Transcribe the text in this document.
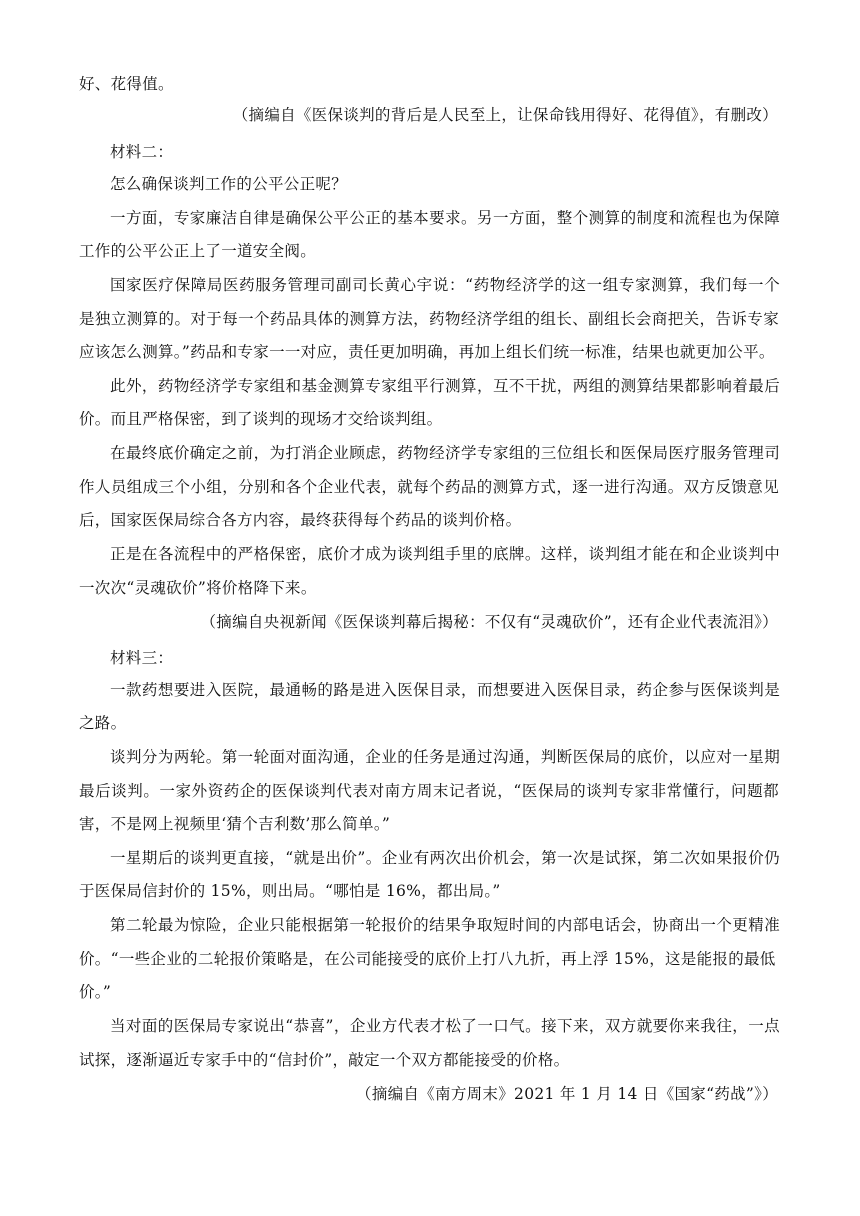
好、花得值。
（摘编自《医保谈判的背后是人民至上，让保命钱用得好、花得值》，有删改）
材料二：
怎么确保谈判工作的公平公正呢？
一方面，专家廉洁自律是确保公平公正的基本要求。另一方面，整个测算的制度和流程也为保障
工作的公平公正上了一道安全阀。
国家医疗保障局医药服务管理司副司长黄心宇说：“药物经济学的这一组专家测算，我们每一个
是独立测算的。对于每一个药品具体的测算方法，药物经济学组的组长、副组长会商把关，告诉专家
应该怎么测算。”药品和专家一一对应，责任更加明确，再加上组长们统一标准，结果也就更加公平。
此外，药物经济学专家组和基金测算专家组平行测算，互不干扰，两组的测算结果都影响着最后
价。而且严格保密，到了谈判的现场才交给谈判组。
在最终底价确定之前，为打消企业顾虑，药物经济学专家组的三位组长和医保局医疗服务管理司
作人员组成三个小组，分别和各个企业代表，就每个药品的测算方式，逐一进行沟通。双方反馈意见
后，国家医保局综合各方内容，最终获得每个药品的谈判价格。
正是在各流程中的严格保密，底价才成为谈判组手里的底牌。这样，谈判组才能在和企业谈判中
一次次“灵魂砍价”将价格降下来。
（摘编自央视新闻《医保谈判幕后揭秘：不仅有“灵魂砍价”，还有企业代表流泪》）
材料三：
一款药想要进入医院，最通畅的路是进入医保目录，而想要进入医保目录，药企参与医保谈判是
之路。
谈判分为两轮。第一轮面对面沟通，企业的任务是通过沟通，判断医保局的底价，以应对一星期
最后谈判。一家外资药企的医保谈判代表对南方周末记者说，“医保局的谈判专家非常懂行，问题都
害，不是网上视频里‘猜个吉利数’那么简单。”
一星期后的谈判更直接，“就是出价”。企业有两次出价机会，第一次是试探，第二次如果报价仍
于医保局信封价的 15%，则出局。“哪怕是 16%，都出局。”
第二轮最为惊险，企业只能根据第一轮报价的结果争取短时间的内部电话会，协商出一个更精准
价。“一些企业的二轮报价策略是，在公司能接受的底价上打八九折，再上浮 15%，这是能报的最低
价。”
当对面的医保局专家说出“恭喜”，企业方代表才松了一口气。接下来，双方就要你来我往，一点
试探，逐渐逼近专家手中的“信封价”，敲定一个双方都能接受的价格。
（摘编自《南方周末》2021 年 1 月 14 日《国家“药战”》）
